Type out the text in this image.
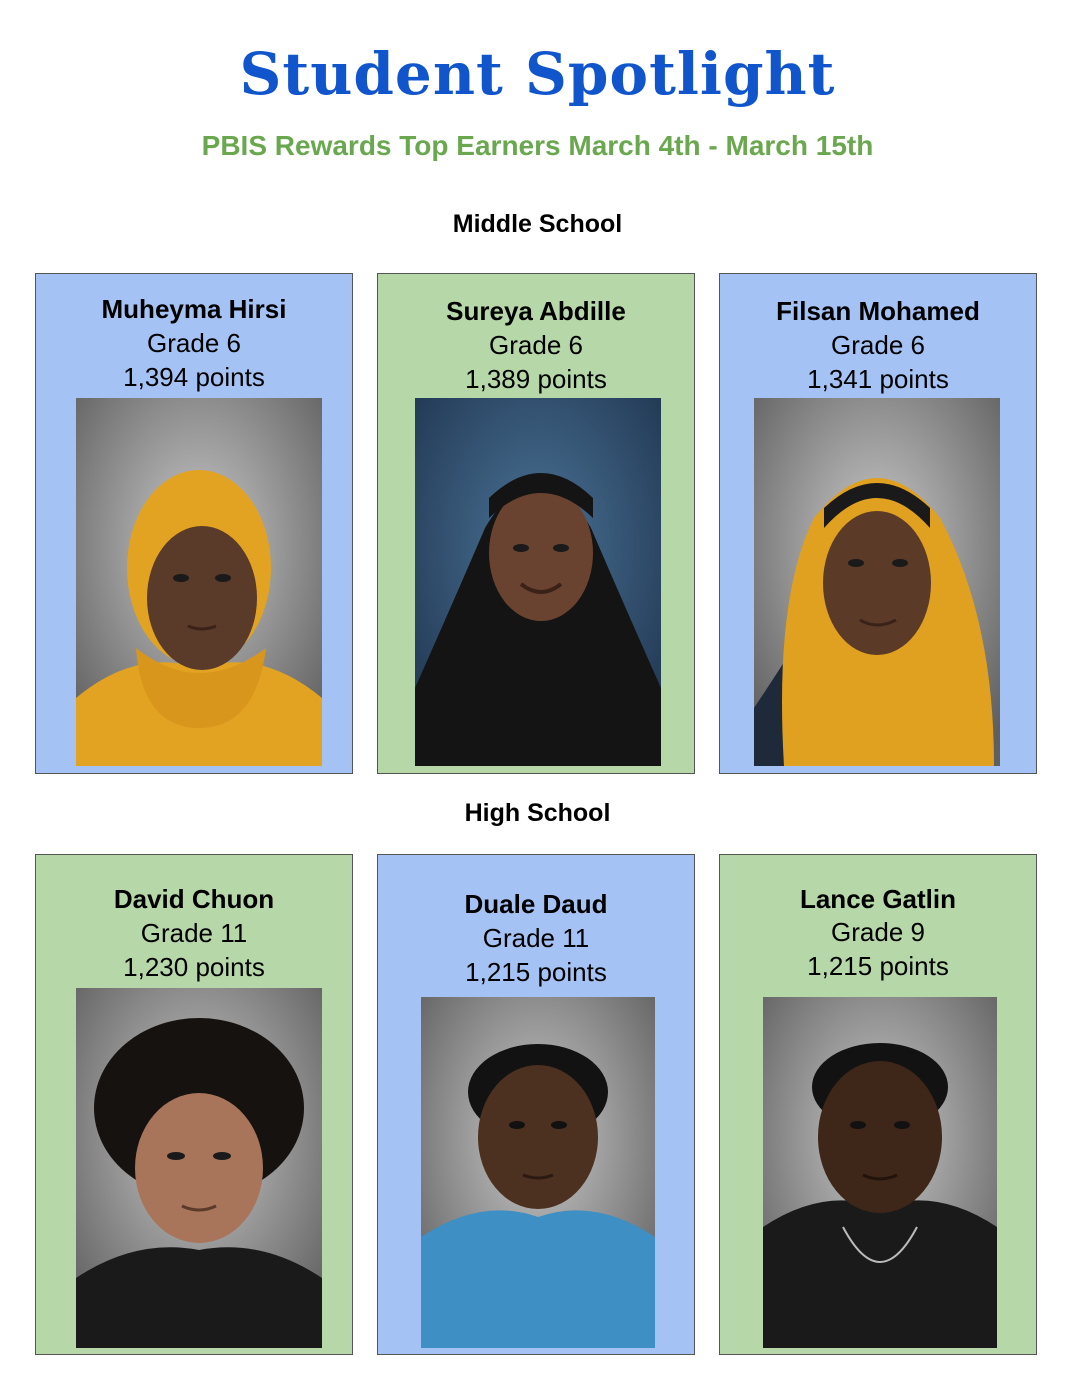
Student Spotlight
PBIS Rewards Top Earners March 4th - March 15th
Middle School
Muheyma Hirsi
Grade 6
1,394 points
Sureya Abdille
Grade 6
1,389 points
Filsan Mohamed
Grade 6
1,341 points
High School
David Chuon
Grade 11
1,230 points
Duale Daud
Grade 11
1,215 points
Lance Gatlin
Grade 9
1,215 points
